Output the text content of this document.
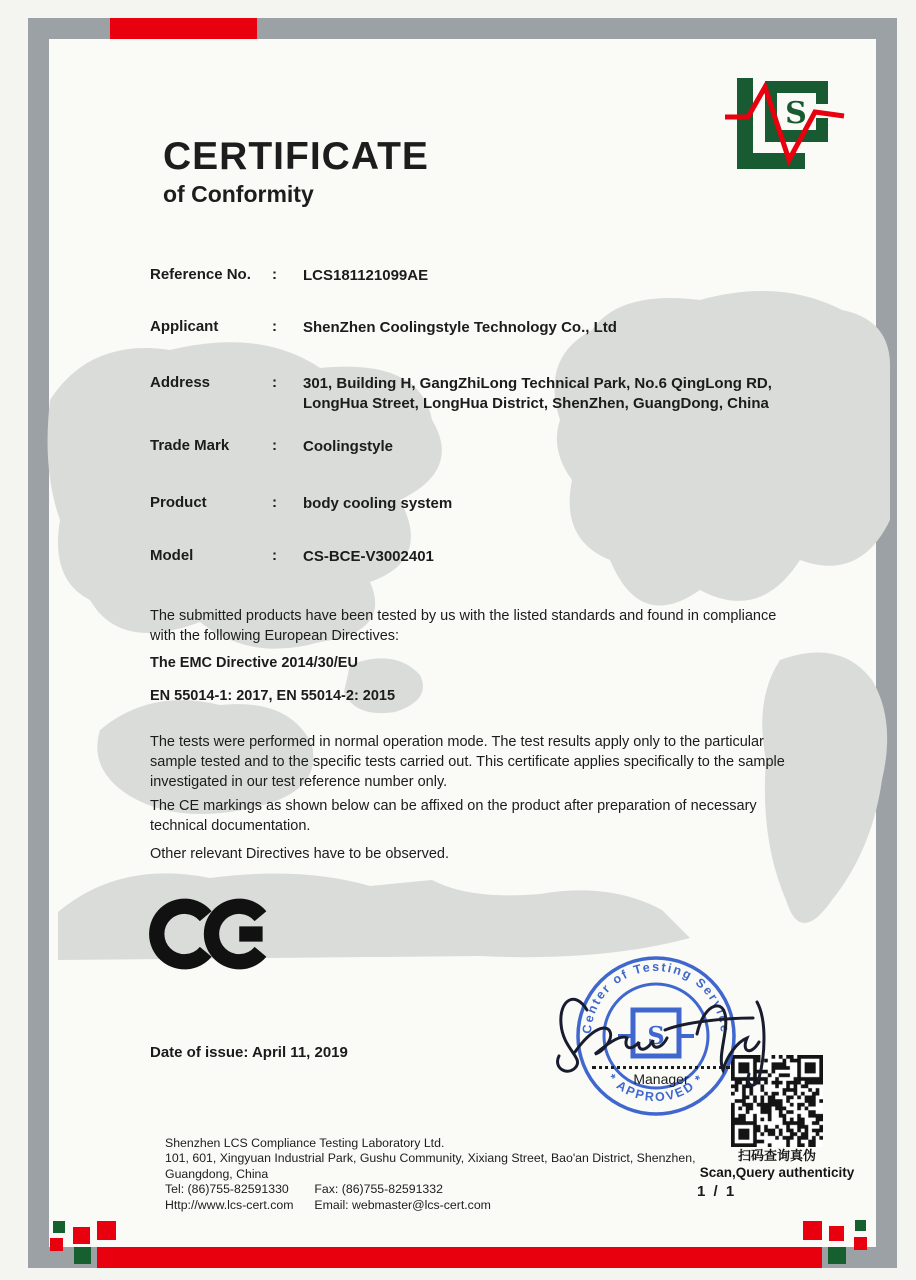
S
CERTIFICATE
of Conformity
Reference No.	: LCS181121099AE
Applicant	: ShenZhen Coolingstyle Technology Co., Ltd
Address	: 301, Building H, GangZhiLong Technical Park, No.6 QingLong RD, LongHua Street, LongHua District, ShenZhen, GuangDong, China
Trade Mark	: Coolingstyle
Product	: body cooling system
Model	: CS-BCE-V3002401
The submitted products have been tested by us with the listed standards and found in compliance with the following European Directives:
The EMC Directive 2014/30/EU
EN 55014-1: 2017, EN 55014-2: 2015
The tests were performed in normal operation mode. The test results apply only to the particular sample tested and to the specific tests carried out. This certificate applies specifically to the sample investigated in our test reference number only.
The CE markings as shown below can be affixed on the product after preparation of necessary technical documentation.
Other relevant Directives have to be observed.
Date of issue: April 11, 2019
Shenzhen LCS Compliance Testing Laboratory Ltd.
101, 601, Xingyuan Industrial Park, Gushu Community, Xixiang Street, Bao'an District, Shenzhen,
Guangdong, China
Tel: (86)755-82591330 Fax: (86)755-82591332
Http://www.lcs-cert.com Email: webmaster@lcs-cert.com
1 / 1
扫码查询真伪
Scan,Query authenticity
Center of Testing Service
* APPROVED *
S
Manager
